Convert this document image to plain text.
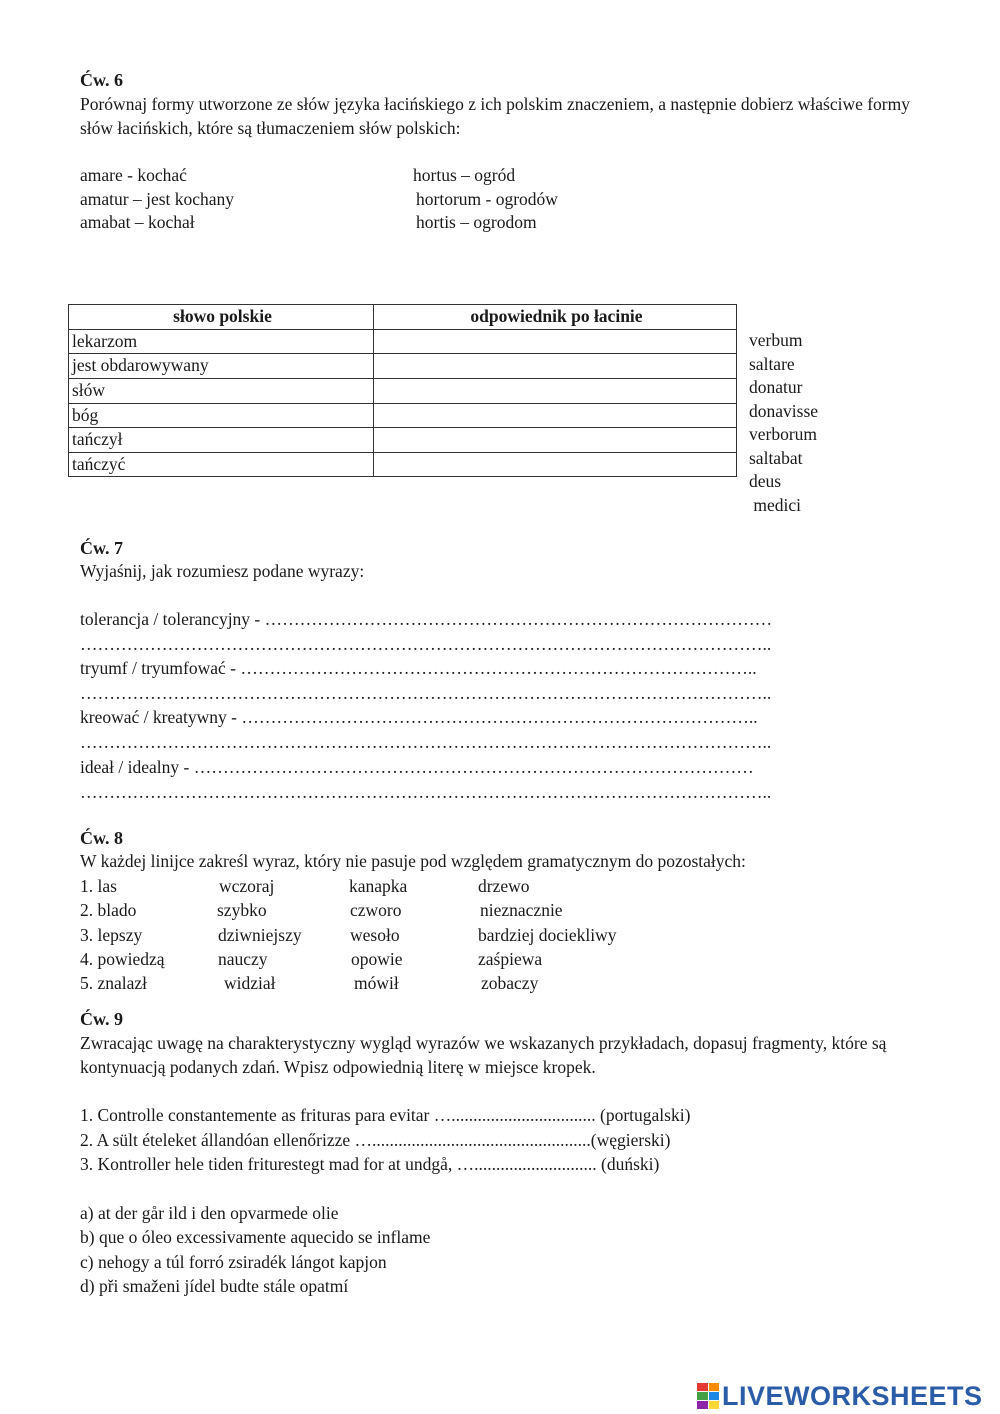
Ćw. 6
Porównaj formy utworzone ze słów języka łacińskiego z ich polskim znaczeniem, a następnie dobierz właściwe formy słów łacińskich, które są tłumaczeniem słów polskich:
amare - kochać
amatur – jest kochany
amabat – kochał
hortus – ogród
hortorum - ogrodów
hortis – ogrodom
słowo polskie	odpowiednik po łacinie
lekarzom	
jest obdarowywany	
słów	
bóg	
tańczył	
tańczyć	
verbum
saltare
donatur
donavisse
verborum
saltabat
deus
medici
Ćw. 7
Wyjaśnij, jak rozumiesz podane wyrazy:
tolerancja / tolerancyjny - ……………………………………………………………………………
………………………………………………………………………………………………………..
tryumf / tryumfować - ……………………………………………………………………………..
………………………………………………………………………………………………………..
kreować / kreatywny - ……………………………………………………………………………..
………………………………………………………………………………………………………..
ideał / idealny - ……………………………………………………………………………………
………………………………………………………………………………………………………..
Ćw. 8
W każdej linijce zakreśl wyraz, który nie pasuje pod względem gramatycznym do pozostałych:
1. las	wczoraj	kanapka	drzewo
2. blado	szybko	czworo	nieznacznie
3. lepszy	dziwniejszy	wesoło	bardziej dociekliwy
4. powiedzą	nauczy	opowie	zaśpiewa
5. znalazł	widział	mówił	zobaczy
Ćw. 9
Zwracając uwagę na charakterystyczny wygląd wyrazów we wskazanych przykładach, dopasuj fragmenty, które są kontynuacją podanych zdań. Wpisz odpowiednią literę w miejsce kropek.
1. Controlle constantemente as frituras para evitar …................................. (portugalski)
2. A sült ételeket állandóan ellenőrizze …..................................................(węgierski)
3. Kontroller hele tiden friturestegt mad for at undgå, …............................ (duński)
a) at der går ild i den opvarmede olie
b) que o óleo excessivamente aquecido se inflame
c) nehogy a túl forró zsiradék lángot kapjon
d) při smaženi jídel budte stále opatmí
LIVEWORKSHEETS
